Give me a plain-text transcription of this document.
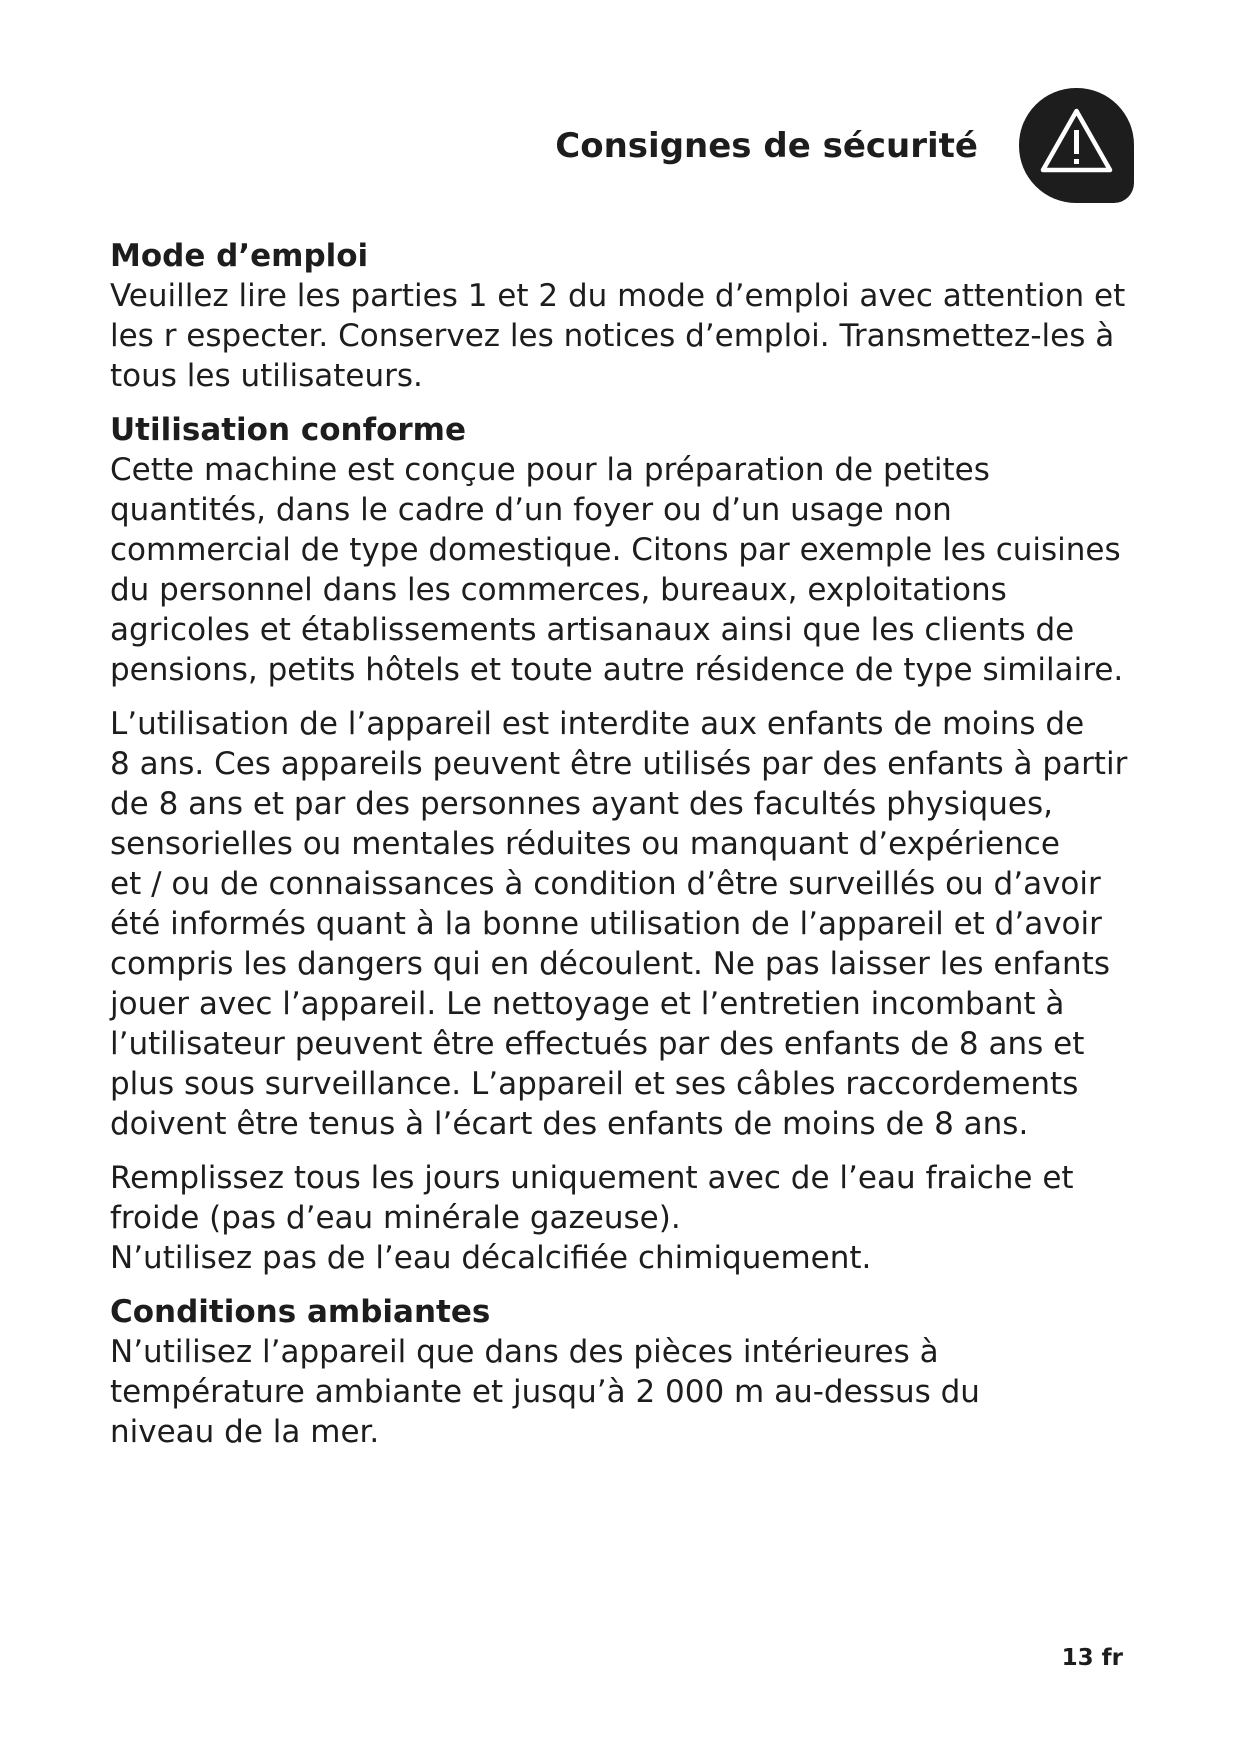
Consignes de sécurité
Mode d’emploi
Veuillez lire les parties 1 et 2 du mode d’emploi avec attention et
les r especter. Conservez les notices d’emploi. Transmettez-les à
tous les utilisateurs.
Utilisation conforme
Cette machine est conçue pour la préparation de petites
quantités, dans le cadre d’un foyer ou d’un usage non
commercial de type domestique. Citons par exemple les cuisines
du personnel dans les commerces, bureaux, exploitations
agricoles et établissements artisanaux ainsi que les clients de
pensions, petits hôtels et toute autre résidence de type similaire.
L’utilisation de l’appareil est interdite aux enfants de moins de
8 ans. Ces appareils peuvent être utilisés par des enfants à partir
de 8 ans et par des personnes ayant des facultés physiques,
sensorielles ou mentales réduites ou manquant d’expérience
et / ou de connaissances à condition d’être surveillés ou d’avoir
été informés quant à la bonne utilisation de l’appareil et d’avoir
compris les dangers qui en découlent. Ne pas laisser les enfants
jouer avec l’appareil. Le nettoyage et l’entretien incombant à
l’utilisateur peuvent être effectués par des enfants de 8 ans et
plus sous surveillance. L’appareil et ses câbles raccordements
doivent être tenus à l’écart des enfants de moins de 8 ans.
Remplissez tous les jours uniquement avec de l’eau fraiche et
froide (pas d’eau minérale gazeuse).
N’utilisez pas de l’eau décalcifiée chimiquement.
Conditions ambiantes
N’utilisez l’appareil que dans des pièces intérieures à
température ambiante et jusqu’à 2 000 m au-dessus du
niveau de la mer.
13 fr
